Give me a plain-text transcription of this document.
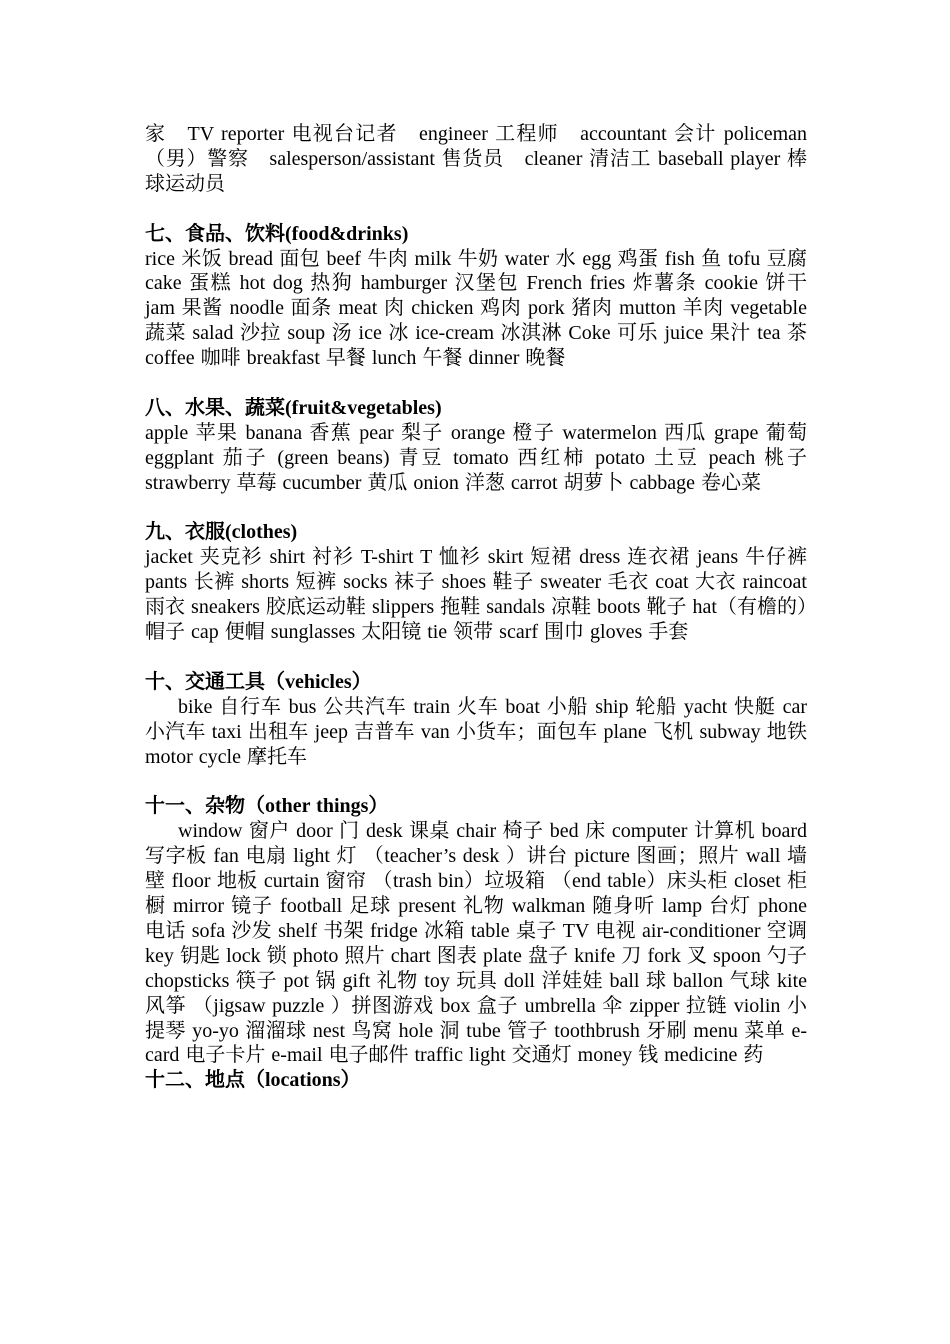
家　TV reporter 电视台记者　engineer 工程师　accountant 会计 policeman（男）警察　salesperson/assistant 售货员　cleaner 清洁工 baseball player 棒球运动员

七、食品、饮料(food&drinks)

rice 米饭 bread 面包 beef 牛肉 milk 牛奶 water 水 egg 鸡蛋 fish 鱼 tofu 豆腐 cake 蛋糕 hot dog 热狗 hamburger 汉堡包 French fries 炸薯条 cookie 饼干 jam 果酱 noodle 面条 meat 肉 chicken 鸡肉 pork 猪肉 mutton 羊肉 vegetable 蔬菜 salad 沙拉 soup 汤 ice 冰 ice-cream 冰淇淋 Coke 可乐 juice 果汁 tea 茶 coffee 咖啡 breakfast 早餐 lunch 午餐 dinner 晚餐

八、水果、蔬菜(fruit&vegetables)

apple 苹果 banana 香蕉 pear 梨子 orange 橙子 watermelon 西瓜 grape 葡萄 eggplant 茄子 (green beans) 青豆 tomato 西红柿 potato 土豆 peach 桃子 strawberry 草莓 cucumber 黄瓜 onion 洋葱 carrot 胡萝卜 cabbage 卷心菜

九、衣服(clothes)

jacket 夹克衫 shirt 衬衫 T-shirt T 恤衫 skirt 短裙 dress 连衣裙 jeans 牛仔裤 pants 长裤 shorts 短裤 socks 袜子 shoes 鞋子 sweater 毛衣 coat 大衣 raincoat 雨衣 sneakers 胶底运动鞋 slippers 拖鞋 sandals 凉鞋 boots 靴子 hat（有檐的）帽子 cap 便帽 sunglasses 太阳镜 tie 领带 scarf 围巾 gloves 手套

十、交通工具（vehicles）

bike 自行车 bus 公共汽车 train 火车 boat 小船 ship 轮船 yacht 快艇 car 小汽车 taxi 出租车 jeep 吉普车 van 小货车；面包车 plane 飞机 subway 地铁 motor cycle 摩托车

十一、杂物（other things）

window 窗户 door 门 desk 课桌 chair 椅子 bed 床 computer 计算机 board 写字板 fan 电扇 light 灯 （teacher’s desk ）讲台 picture 图画；照片 wall 墙壁 floor 地板 curtain 窗帘 （trash bin）垃圾箱 （end table）床头柜 closet 柜橱 mirror 镜子 football 足球 present 礼物 walkman 随身听 lamp 台灯 phone 电话 sofa 沙发 shelf 书架 fridge 冰箱 table 桌子 TV 电视 air-conditioner 空调 key 钥匙 lock 锁 photo 照片 chart 图表 plate 盘子 knife 刀 fork 叉 spoon 勺子 chopsticks 筷子 pot 锅 gift 礼物 toy 玩具 doll 洋娃娃 ball 球 ballon 气球 kite 风筝 （jigsaw puzzle ）拼图游戏 box 盒子 umbrella 伞 zipper 拉链 violin 小提琴 yo-yo 溜溜球 nest 鸟窝 hole 洞 tube 管子 toothbrush 牙刷 menu 菜单 e-card 电子卡片 e-mail 电子邮件 traffic light 交通灯 money 钱 medicine 药

十二、地点（locations）
